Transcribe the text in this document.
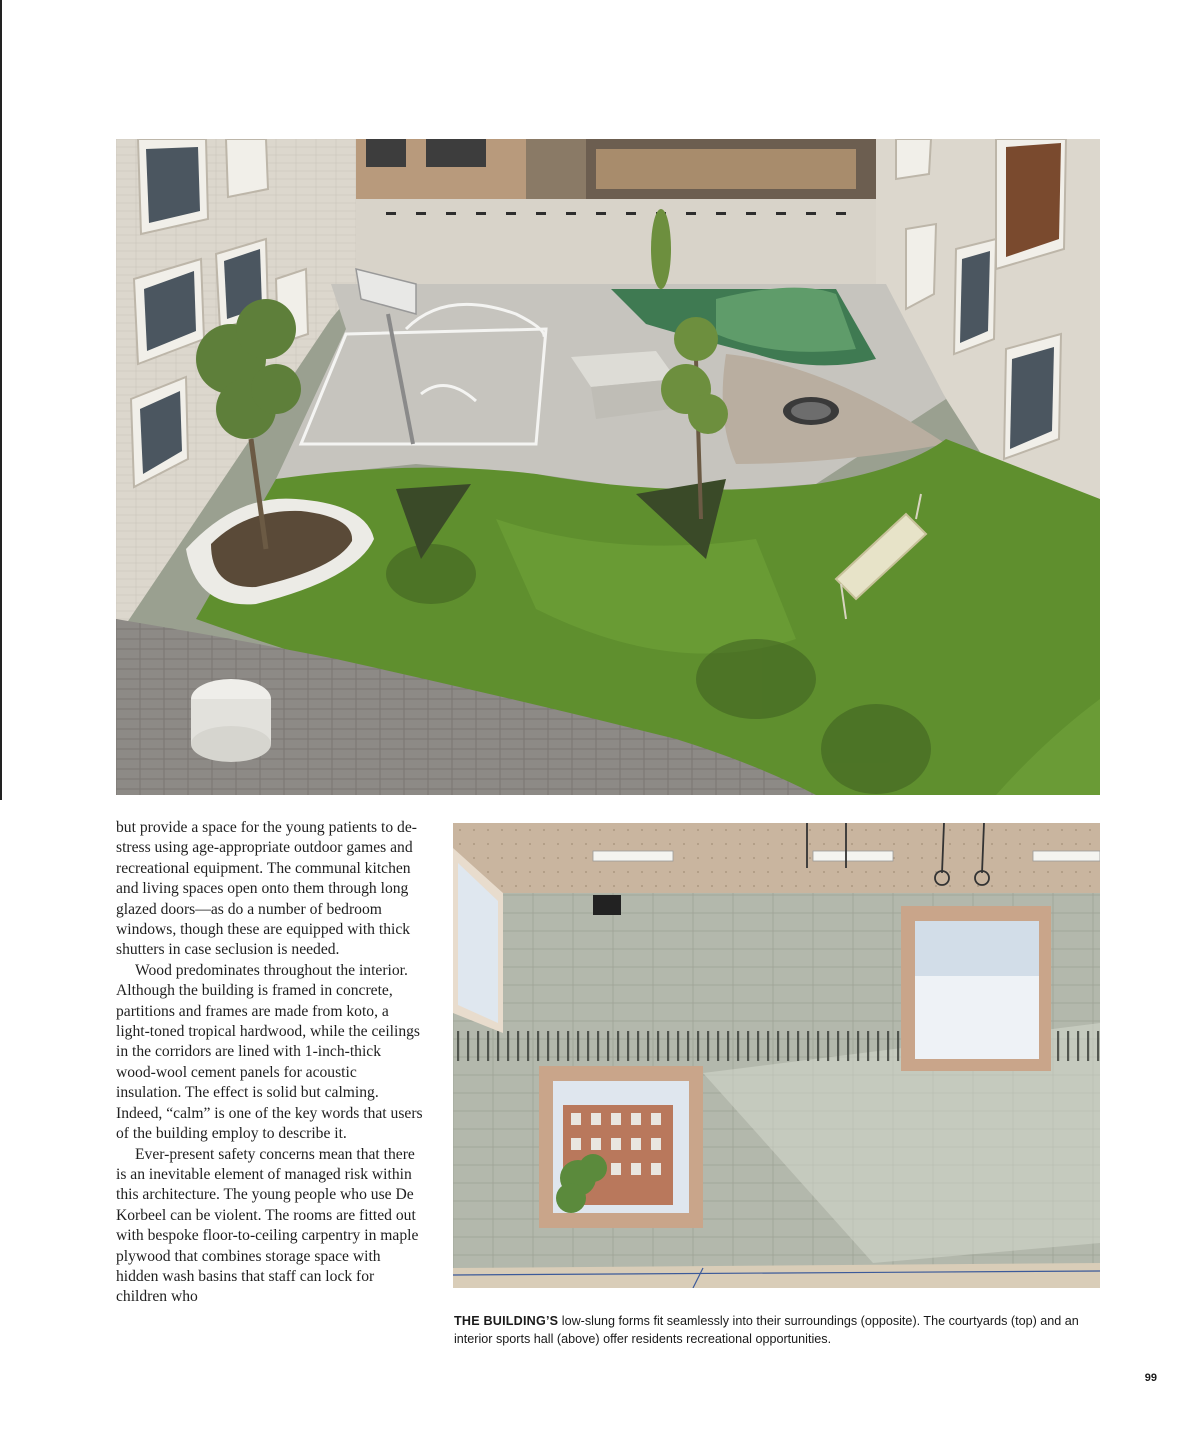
but provide a space for the young patients to de-stress using age-appropriate outdoor games and recreational equipment. The communal kitchen and living spaces open onto them through long glazed doors—as do a number of bedroom windows, though these are equipped with thick shutters in case seclusion is needed.

Wood predominates throughout the interior. Although the building is framed in concrete, partitions and frames are made from koto, a light-toned tropical hardwood, while the ceilings in the corridors are lined with 1-inch-thick wood-wool cement panels for acoustic insulation. The effect is solid but calming. Indeed, “calm” is one of the key words that users of the building employ to describe it.

Ever-present safety concerns mean that there is an inevitable element of managed risk within this architecture. The young people who use De Korbeel can be violent. The rooms are fitted out with bespoke floor-to-ceiling carpentry in maple plywood that combines storage space with hidden wash basins that staff can lock for children who

THE BUILDING’S low-slung forms fit seamlessly into their surroundings (opposite). The courtyards (top) and an interior sports hall (above) offer residents recreational opportunities.
99
